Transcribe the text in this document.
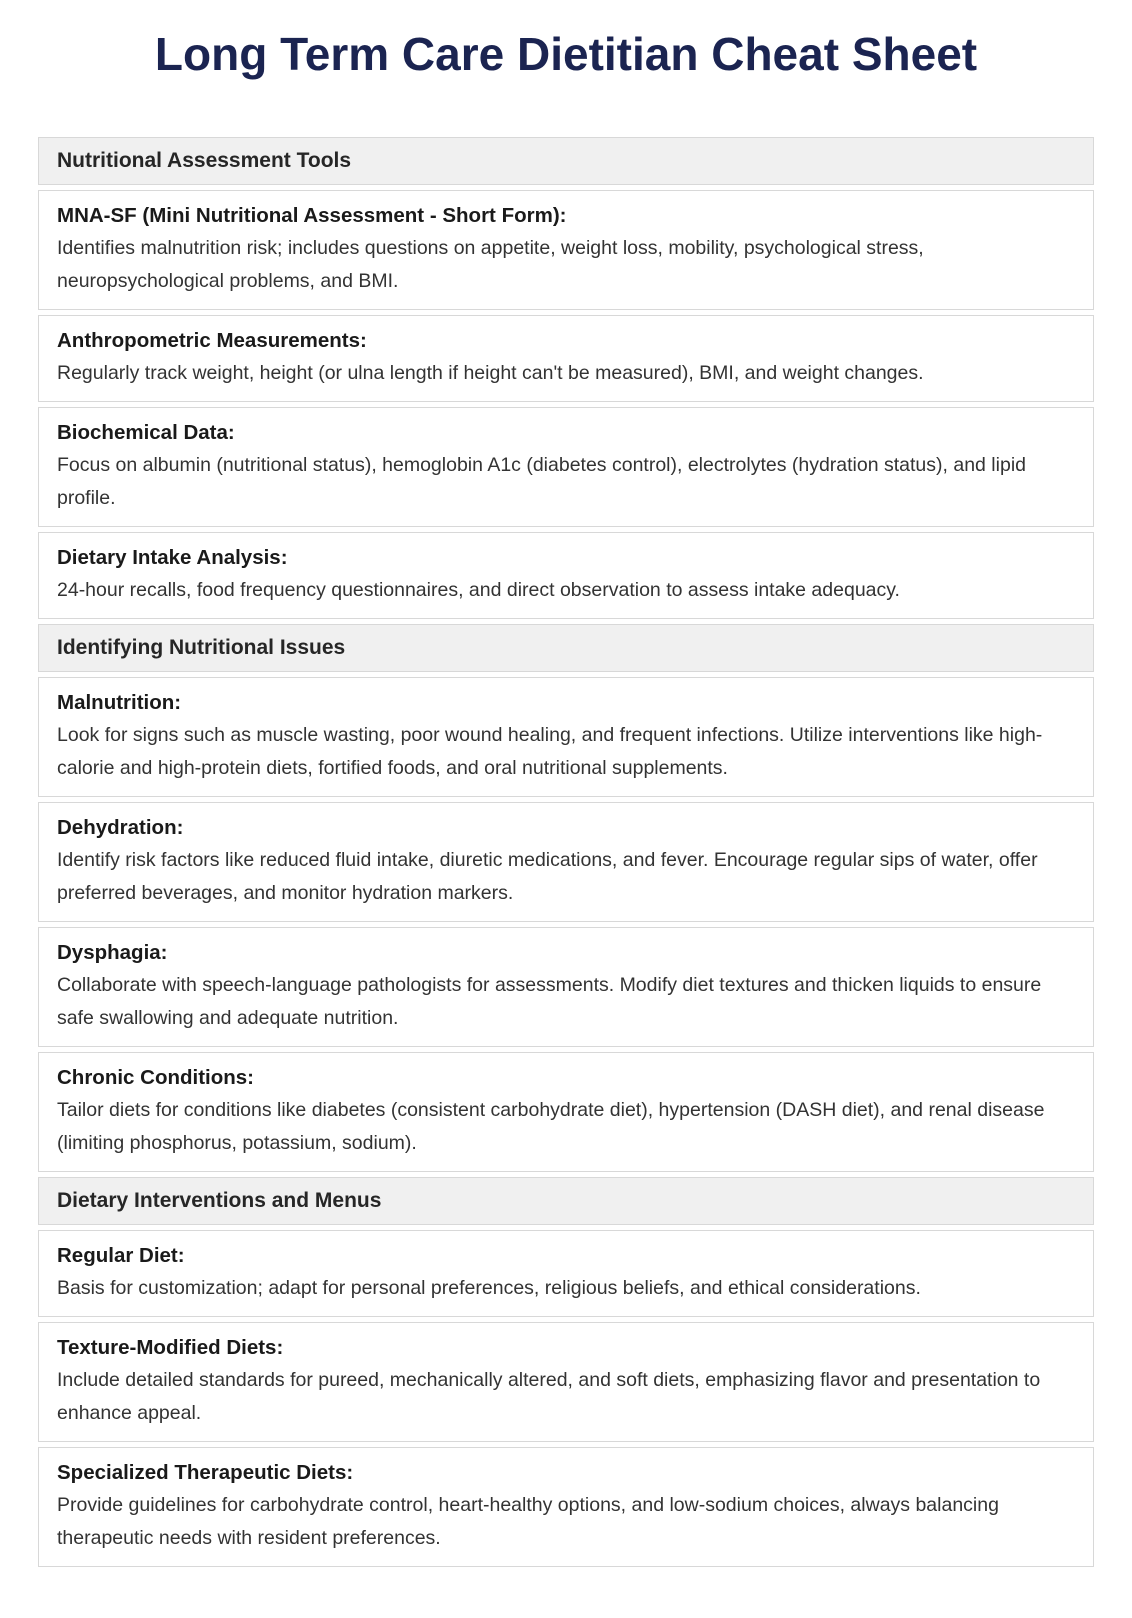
Long Term Care Dietitian Cheat Sheet
Nutritional Assessment Tools
MNA-SF (Mini Nutritional Assessment - Short Form):
Identifies malnutrition risk; includes questions on appetite, weight loss, mobility, psychological stress, neuropsychological problems, and BMI.
Anthropometric Measurements:
Regularly track weight, height (or ulna length if height can't be measured), BMI, and weight changes.
Biochemical Data:
Focus on albumin (nutritional status), hemoglobin A1c (diabetes control), electrolytes (hydration status), and lipid profile.
Dietary Intake Analysis:
24-hour recalls, food frequency questionnaires, and direct observation to assess intake adequacy.
Identifying Nutritional Issues
Malnutrition:
Look for signs such as muscle wasting, poor wound healing, and frequent infections. Utilize interventions like high-calorie and high-protein diets, fortified foods, and oral nutritional supplements.
Dehydration:
Identify risk factors like reduced fluid intake, diuretic medications, and fever. Encourage regular sips of water, offer preferred beverages, and monitor hydration markers.
Dysphagia:
Collaborate with speech-language pathologists for assessments. Modify diet textures and thicken liquids to ensure safe swallowing and adequate nutrition.
Chronic Conditions:
Tailor diets for conditions like diabetes (consistent carbohydrate diet), hypertension (DASH diet), and renal disease (limiting phosphorus, potassium, sodium).
Dietary Interventions and Menus
Regular Diet:
Basis for customization; adapt for personal preferences, religious beliefs, and ethical considerations.
Texture-Modified Diets:
Include detailed standards for pureed, mechanically altered, and soft diets, emphasizing flavor and presentation to enhance appeal.
Specialized Therapeutic Diets:
Provide guidelines for carbohydrate control, heart-healthy options, and low-sodium choices, always balancing therapeutic needs with resident preferences.
